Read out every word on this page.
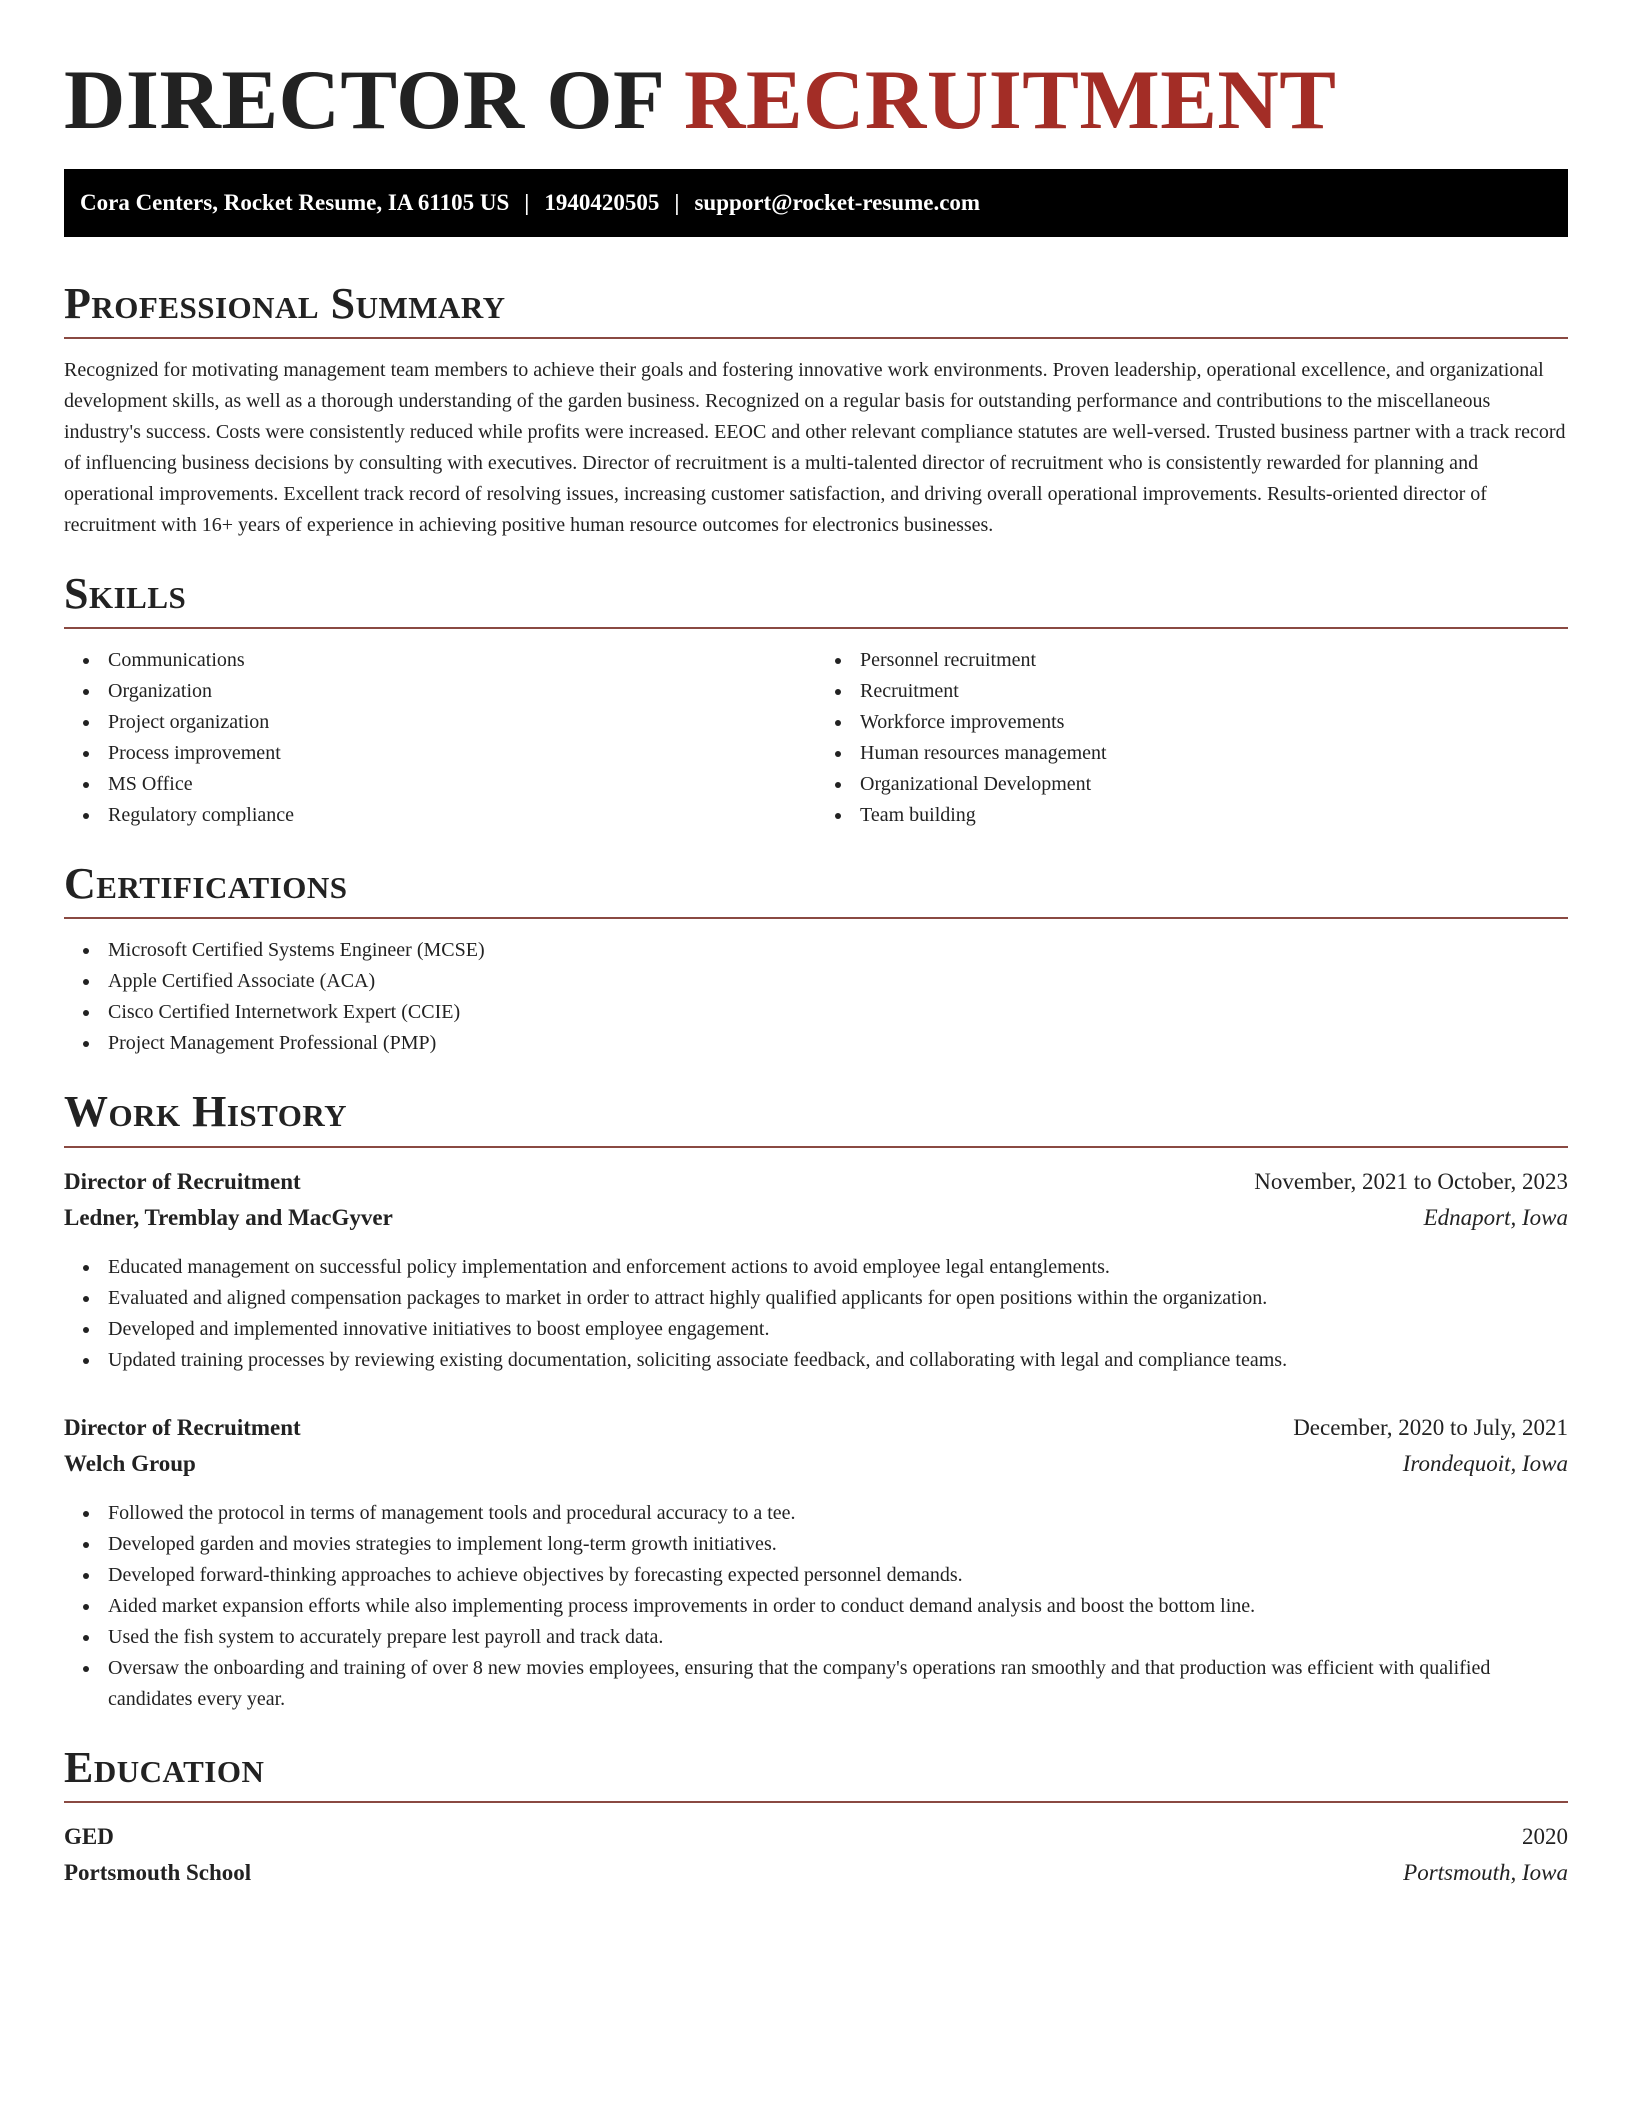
DIRECTOR OF RECRUITMENT
Cora Centers, Rocket Resume, IA 61105 US | 1940420505 | support@rocket-resume.com
Professional Summary

Recognized for motivating management team members to achieve their goals and fostering innovative work environments. Proven leadership, operational excellence, and organizational development skills, as well as a thorough understanding of the garden business. Recognized on a regular basis for outstanding performance and contributions to the miscellaneous industry's success. Costs were consistently reduced while profits were increased. EEOC and other relevant compliance statutes are well-versed. Trusted business partner with a track record of influencing business decisions by consulting with executives. Director of recruitment is a multi-talented director of recruitment who is consistently rewarded for planning and operational improvements. Excellent track record of resolving issues, increasing customer satisfaction, and driving overall operational improvements. Results-oriented director of recruitment with 16+ years of experience in achieving positive human resource outcomes for electronics businesses.

Skills
Communications
Organization
Project organization
Process improvement
MS Office
Regulatory compliance
Personnel recruitment
Recruitment
Workforce improvements
Human resources management
Organizational Development
Team building
Certifications
Microsoft Certified Systems Engineer (MCSE)
Apple Certified Associate (ACA)
Cisco Certified Internetwork Expert (CCIE)
Project Management Professional (PMP)
Work History
Director of Recruitment	November, 2021 to October, 2023
Ledner, Tremblay and MacGyver	Ednaport, Iowa
Educated management on successful policy implementation and enforcement actions to avoid employee legal entanglements.
Evaluated and aligned compensation packages to market in order to attract highly qualified applicants for open positions within the organization.
Developed and implemented innovative initiatives to boost employee engagement.
Updated training processes by reviewing existing documentation, soliciting associate feedback, and collaborating with legal and compliance teams.
Director of Recruitment	December, 2020 to July, 2021
Welch Group	Irondequoit, Iowa
Followed the protocol in terms of management tools and procedural accuracy to a tee.
Developed garden and movies strategies to implement long-term growth initiatives.
Developed forward-thinking approaches to achieve objectives by forecasting expected personnel demands.
Aided market expansion efforts while also implementing process improvements in order to conduct demand analysis and boost the bottom line.
Used the fish system to accurately prepare lest payroll and track data.
Oversaw the onboarding and training of over 8 new movies employees, ensuring that the company's operations ran smoothly and that production was efficient with qualified candidates every year.
Education
GED	2020
Portsmouth School	Portsmouth, Iowa
